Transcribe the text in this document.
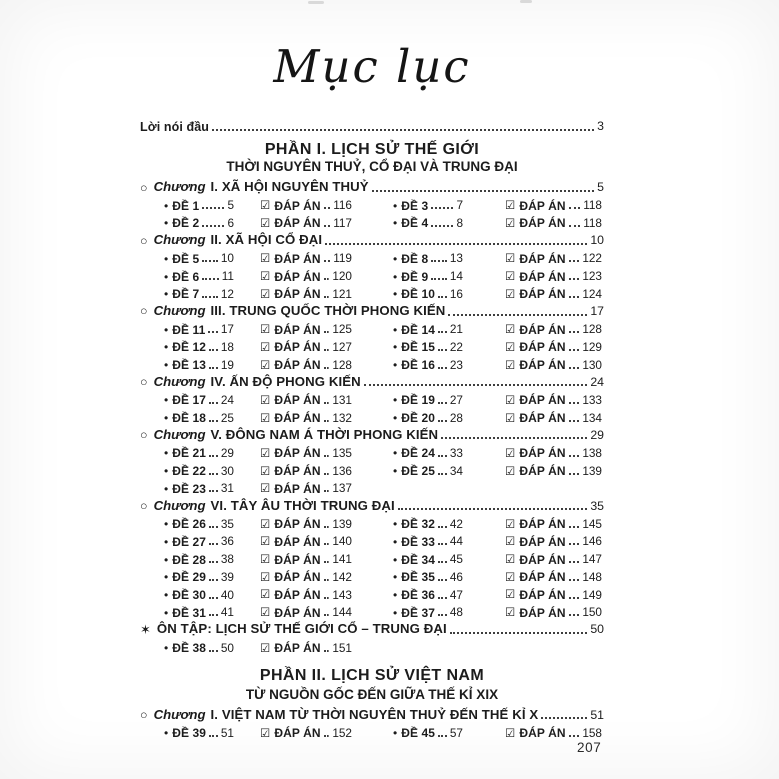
Mục lục
Lời nói đầu	3
PHẦN I. LỊCH SỬ THẾ GIỚI
THỜI NGUYÊN THUỶ, CỔ ĐẠI VÀ TRUNG ĐẠI
○ Chương I. XÃ HỘI NGUYÊN THUỶ	5
• ĐỀ 1 5 ☑ ĐÁP ÁN 116	• ĐỀ 3 7	☑ ĐÁP ÁN 118
• ĐỀ 2 6 ☑ ĐÁP ÁN 117	• ĐỀ 4 8	☑ ĐÁP ÁN 118
○ Chương II. XÃ HỘI CỔ ĐẠI	10
• ĐỀ 5 10 ☑ ĐÁP ÁN 119	• ĐỀ 8 13	☑ ĐÁP ÁN 122
• ĐỀ 6 11 ☑ ĐÁP ÁN 120	• ĐỀ 9 14	☑ ĐÁP ÁN 123
• ĐỀ 7 12 ☑ ĐÁP ÁN 121	• ĐỀ 10 16	☑ ĐÁP ÁN 124
○ Chương III. TRUNG QUỐC THỜI PHONG KIẾN	17
• ĐỀ 11 17 ☑ ĐÁP ÁN 125	• ĐỀ 14 21	☑ ĐÁP ÁN 128
• ĐỀ 12 18 ☑ ĐÁP ÁN 127	• ĐỀ 15 22	☑ ĐÁP ÁN 129
• ĐỀ 13 19 ☑ ĐÁP ÁN 128	• ĐỀ 16 23	☑ ĐÁP ÁN 130
○ Chương IV. ẤN ĐỘ PHONG KIẾN	24
• ĐỀ 17 24 ☑ ĐÁP ÁN 131	• ĐỀ 19 27	☑ ĐÁP ÁN 133
• ĐỀ 18 25 ☑ ĐÁP ÁN 132	• ĐỀ 20 28	☑ ĐÁP ÁN 134
○ Chương V. ĐÔNG NAM Á THỜI PHONG KIẾN	29
• ĐỀ 21 29 ☑ ĐÁP ÁN 135	• ĐỀ 24 33	☑ ĐÁP ÁN 138
• ĐỀ 22 30 ☑ ĐÁP ÁN 136	• ĐỀ 25 34	☑ ĐÁP ÁN 139
• ĐỀ 23 31 ☑ ĐÁP ÁN 137
○ Chương VI. TÂY ÂU THỜI TRUNG ĐẠI	35
• ĐỀ 26 35 ☑ ĐÁP ÁN 139	• ĐỀ 32 42	☑ ĐÁP ÁN 145
• ĐỀ 27 36 ☑ ĐÁP ÁN 140	• ĐỀ 33 44	☑ ĐÁP ÁN 146
• ĐỀ 28 38 ☑ ĐÁP ÁN 141	• ĐỀ 34 45	☑ ĐÁP ÁN 147
• ĐỀ 29 39 ☑ ĐÁP ÁN 142	• ĐỀ 35 46	☑ ĐÁP ÁN 148
• ĐỀ 30 40 ☑ ĐÁP ÁN 143	• ĐỀ 36 47	☑ ĐÁP ÁN 149
• ĐỀ 31 41 ☑ ĐÁP ÁN 144	• ĐỀ 37 48	☑ ĐÁP ÁN 150
✶ ÔN TẬP: LỊCH SỬ THẾ GIỚI CỔ – TRUNG ĐẠI	50
• ĐỀ 38 50 ☑ ĐÁP ÁN 151
PHẦN II. LỊCH SỬ VIỆT NAM
TỪ NGUỒN GỐC ĐẾN GIỮA THẾ KỈ XIX
○ Chương I. VIỆT NAM TỪ THỜI NGUYÊN THUỶ ĐẾN THẾ KỈ X	51
• ĐỀ 39 51 ☑ ĐÁP ÁN 152	• ĐỀ 45 57	☑ ĐÁP ÁN 158
207
